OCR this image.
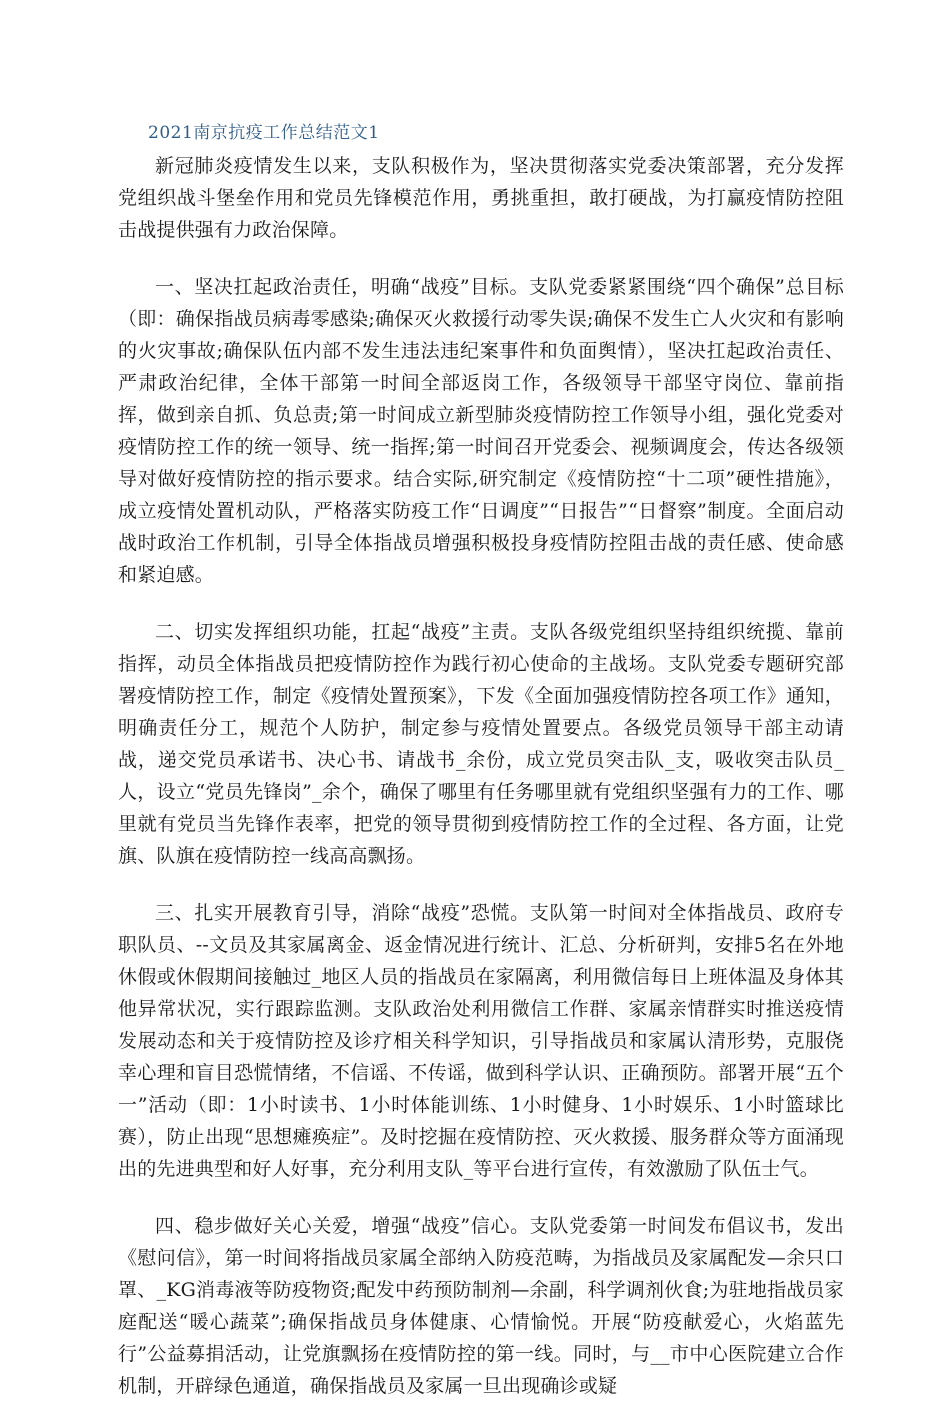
2021南京抗疫工作总结范文1

新冠肺炎疫情发生以来，支队积极作为，坚决贯彻落实党委决策部署，充分发挥党组织战斗堡垒作用和党员先锋模范作用，勇挑重担，敢打硬战，为打赢疫情防控阻击战提供强有力政治保障。

一、坚决扛起政治责任，明确“战疫”目标。支队党委紧紧围绕“四个确保”总目标（即：确保指战员病毒零感染;确保灭火救援行动零失误;确保不发生亡人火灾和有影响的火灾事故;确保队伍内部不发生违法违纪案事件和负面舆情），坚决扛起政治责任、严肃政治纪律，全体干部第一时间全部返岗工作，各级领导干部坚守岗位、靠前指挥，做到亲自抓、负总责;第一时间成立新型肺炎疫情防控工作领导小组，强化党委对疫情防控工作的统一领导、统一指挥;第一时间召开党委会、视频调度会，传达各级领导对做好疫情防控的指示要求。结合实际,研究制定《疫情防控“十二项”硬性措施》，成立疫情处置机动队，严格落实防疫工作“日调度”“日报告”“日督察”制度。全面启动战时政治工作机制，引导全体指战员增强积极投身疫情防控阻击战的责任感、使命感和紧迫感。

二、切实发挥组织功能，扛起“战疫”主责。支队各级党组织坚持组织统揽、靠前指挥，动员全体指战员把疫情防控作为践行初心使命的主战场。支队党委专题研究部署疫情防控工作，制定《疫情处置预案》，下发《全面加强疫情防控各项工作》通知，明确责任分工，规范个人防护，制定参与疫情处置要点。各级党员领导干部主动请战，递交党员承诺书、决心书、请战书_余份，成立党员突击队_支，吸收突击队员_人，设立“党员先锋岗”_余个，确保了哪里有任务哪里就有党组织坚强有力的工作、哪里就有党员当先锋作表率，把党的领导贯彻到疫情防控工作的全过程、各方面，让党旗、队旗在疫情防控一线高高飘扬。

三、扎实开展教育引导，消除“战疫”恐慌。支队第一时间对全体指战员、政府专职队员、--文员及其家属离金、返金情况进行统计、汇总、分析研判，安排5名在外地休假或休假期间接触过_地区人员的指战员在家隔离，利用微信每日上班体温及身体其他异常状况，实行跟踪监测。支队政治处利用微信工作群、家属亲情群实时推送疫情发展动态和关于疫情防控及诊疗相关科学知识，引导指战员和家属认清形势，克服侥幸心理和盲目恐慌情绪，不信谣、不传谣，做到科学认识、正确预防。部署开展“五个一”活动（即：1小时读书、1小时体能训练、1小时健身、1小时娱乐、1小时篮球比赛），防止出现“思想瘫痪症”。及时挖掘在疫情防控、灭火救援、服务群众等方面涌现出的先进典型和好人好事，充分利用支队_等平台进行宣传，有效激励了队伍士气。

四、稳步做好关心关爱，增强“战疫”信心。支队党委第一时间发布倡议书，发出《慰问信》，第一时间将指战员家属全部纳入防疫范畴，为指战员及家属配发—余只口罩、_KG消毒液等防疫物资;配发中药预防制剂—余副，科学调剂伙食;为驻地指战员家庭配送“暖心蔬菜”;确保指战员身体健康、心情愉悦。开展“防疫献爱心，火焰蓝先行”公益募捐活动，让党旗飘扬在疫情防控的第一线。同时，与__市中心医院建立合作机制，开辟绿色通道，确保指战员及家属一旦出现确诊或疑
